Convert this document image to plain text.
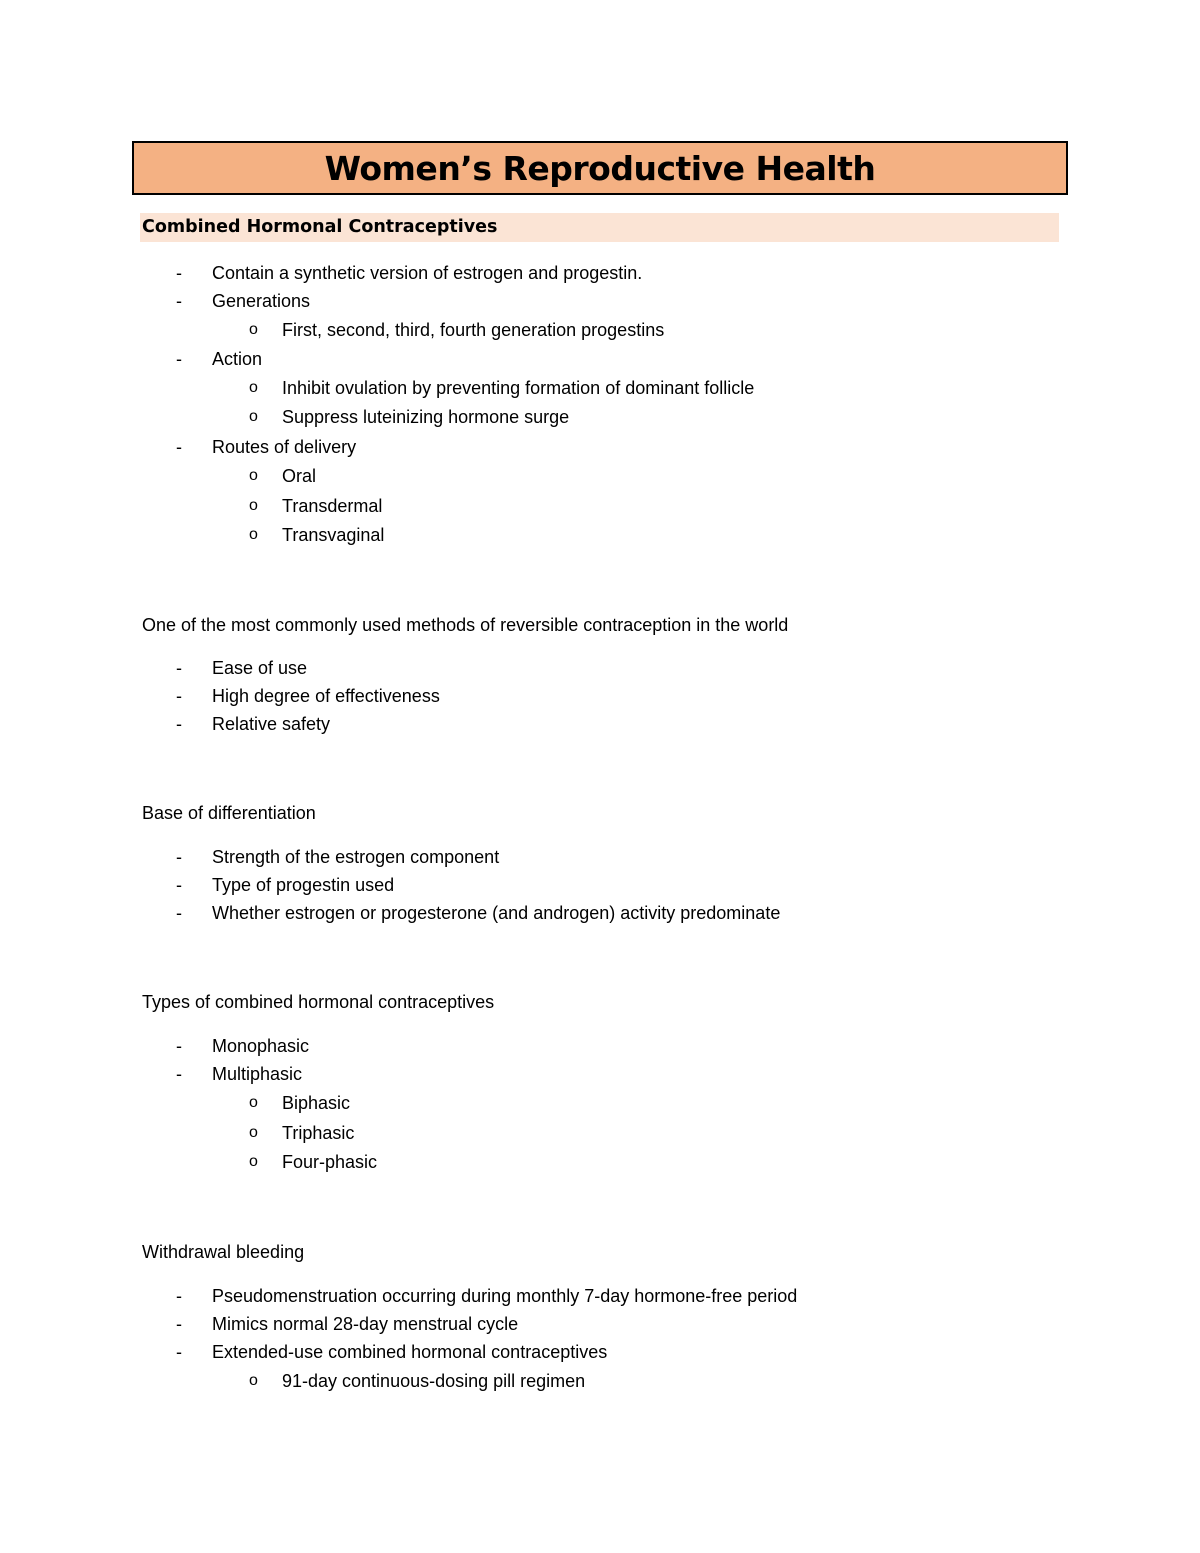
Women’s Reproductive Health
Combined Hormonal Contraceptives
- Contain a synthetic version of estrogen and progestin.
- Generations
o First, second, third, fourth generation progestins
- Action
o Inhibit ovulation by preventing formation of dominant follicle
o Suppress luteinizing hormone surge
- Routes of delivery
o Oral
o Transdermal
o Transvaginal
One of the most commonly used methods of reversible contraception in the world
- Ease of use
- High degree of effectiveness
- Relative safety
Base of differentiation
- Strength of the estrogen component
- Type of progestin used
- Whether estrogen or progesterone (and androgen) activity predominate
Types of combined hormonal contraceptives
- Monophasic
- Multiphasic
o Biphasic
o Triphasic
o Four-phasic
Withdrawal bleeding
- Pseudomenstruation occurring during monthly 7-day hormone-free period
- Mimics normal 28-day menstrual cycle
- Extended-use combined hormonal contraceptives
o 91-day continuous-dosing pill regimen
